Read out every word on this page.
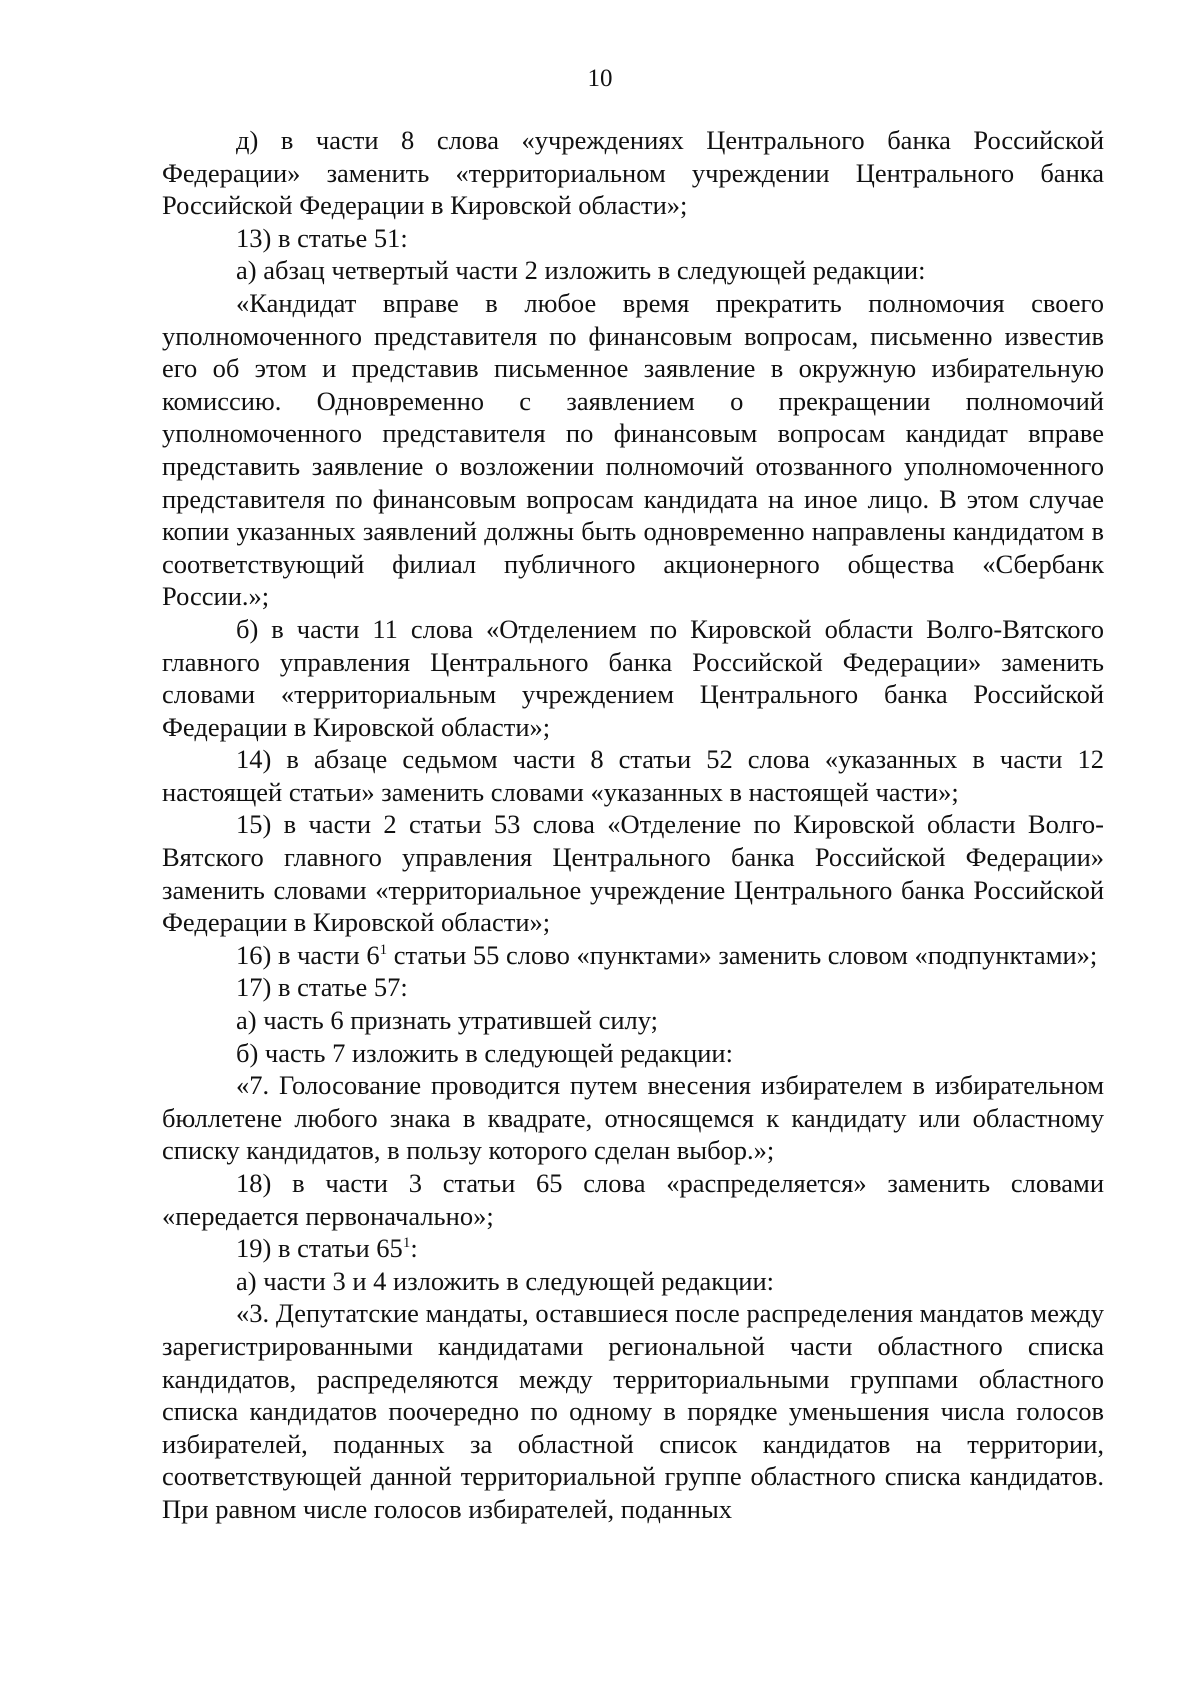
10

д) в части 8 слова «учреждениях Центрального банка Российской Федерации» заменить «территориальном учреждении Центрального банка Российской Федерации в Кировской области»;

13) в статье 51:

а) абзац четвертый части 2 изложить в следующей редакции:

«Кандидат вправе в любое время прекратить полномочия своего уполномоченного представителя по финансовым вопросам, письменно известив его об этом и представив письменное заявление в окружную избирательную комиссию. Одновременно с заявлением о прекращении полномочий уполномоченного представителя по финансовым вопросам кандидат вправе представить заявление о возложении полномочий отозванного уполномоченного представителя по финансовым вопросам кандидата на иное лицо. В этом случае копии указанных заявлений должны быть одновременно направлены кандидатом в соответствующий филиал публичного акционерного общества «Сбербанк России.»;

б) в части 11 слова «Отделением по Кировской области Волго-Вятского главного управления Центрального банка Российской Федерации» заменить словами «территориальным учреждением Центрального банка Российской Федерации в Кировской области»;

14) в абзаце седьмом части 8 статьи 52 слова «указанных в части 12 настоящей статьи» заменить словами «указанных в настоящей части»;

15) в части 2 статьи 53 слова «Отделение по Кировской области Волго-Вятского главного управления Центрального банка Российской Федерации» заменить словами «территориальное учреждение Центрального банка Российской Федерации в Кировской области»;

16) в части $6^1$ статьи 55 слово «пунктами» заменить словом «подпунктами»;

17) в статье 57:

а) часть 6 признать утратившей силу;

б) часть 7 изложить в следующей редакции:

«7. Голосование проводится путем внесения избирателем в избирательном бюллетене любого знака в квадрате, относящемся к кандидату или областному списку кандидатов, в пользу которого сделан выбор.»;

18) в части 3 статьи 65 слова «распределяется» заменить словами «передается первоначально»;

19) в статьи $65^1$:

а) части 3 и 4 изложить в следующей редакции:

«3. Депутатские мандаты, оставшиеся после распределения мандатов между зарегистрированными кандидатами региональной части областного списка кандидатов, распределяются между территориальными группами областного списка кандидатов поочередно по одному в порядке уменьшения числа голосов избирателей, поданных за областной список кандидатов на территории, соответствующей данной территориальной группе областного списка кандидатов. При равном числе голосов избирателей, поданных
